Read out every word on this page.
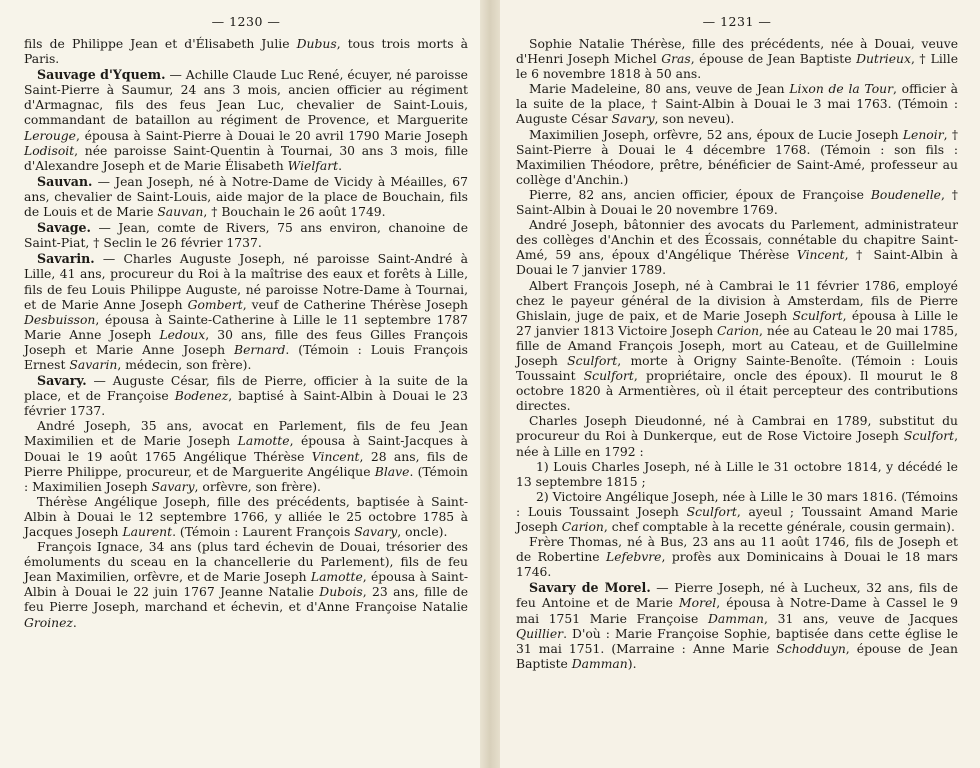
— 1230 —

fils de Philippe Jean et d'Élisabeth Julie Dubus, tous trois morts à Paris.

Sauvage d'Yquem. — Achille Claude Luc René, écuyer, né paroisse Saint-Pierre à Saumur, 24 ans 3 mois, ancien officier au régiment d'Armagnac, fils des feus Jean Luc, chevalier de Saint-Louis, commandant de bataillon au régiment de Provence, et Marguerite Lerouge, épousa à Saint-Pierre à Douai le 20 avril 1790 Marie Joseph Lodisoit, née paroisse Saint-Quentin à Tournai, 30 ans 3 mois, fille d'Alexandre Joseph et de Marie Élisabeth Wielfart.

Sauvan. — Jean Joseph, né à Notre-Dame de Vicidy à Méailles, 67 ans, chevalier de Saint-Louis, aide major de la place de Bouchain, fils de Louis et de Marie Sauvan, † Bouchain le 26 août 1749.

Savage. — Jean, comte de Rivers, 75 ans environ, chanoine de Saint-Piat, † Seclin le 26 février 1737.

Savarin. — Charles Auguste Joseph, né paroisse Saint-André à Lille, 41 ans, procureur du Roi à la maîtrise des eaux et forêts à Lille, fils de feu Louis Philippe Auguste, né paroisse Notre-Dame à Tournai, et de Marie Anne Joseph Gombert, veuf de Catherine Thérèse Joseph Desbuisson, épousa à Sainte-Catherine à Lille le 11 septembre 1787 Marie Anne Joseph Ledoux, 30 ans, fille des feus Gilles François Joseph et Marie Anne Joseph Bernard. (Témoin : Louis François Ernest Savarin, médecin, son frère).

Savary. — Auguste César, fils de Pierre, officier à la suite de la place, et de Françoise Bodenez, baptisé à Saint-Albin à Douai le 23 février 1737.

André Joseph, 35 ans, avocat en Parlement, fils de feu Jean Maximilien et de Marie Joseph Lamotte, épousa à Saint-Jacques à Douai le 19 août 1765 Angélique Thérèse Vincent, 28 ans, fils de Pierre Philippe, procureur, et de Marguerite Angélique Blave. (Témoin : Maximilien Joseph Savary, orfèvre, son frère).

Thérèse Angélique Joseph, fille des précédents, baptisée à Saint-Albin à Douai le 12 septembre 1766, y alliée le 25 octobre 1785 à Jacques Joseph Laurent. (Témoin : Laurent François Savary, oncle).

François Ignace, 34 ans (plus tard échevin de Douai, trésorier des émoluments du sceau en la chancellerie du Parlement), fils de feu Jean Maximilien, orfèvre, et de Marie Joseph Lamotte, épousa à Saint-Albin à Douai le 22 juin 1767 Jeanne Natalie Dubois, 23 ans, fille de feu Pierre Joseph, marchand et échevin, et d'Anne Françoise Natalie Groinez.

— 1231 —

Sophie Natalie Thérèse, fille des précédents, née à Douai, veuve d'Henri Joseph Michel Gras, épouse de Jean Baptiste Dutrieux, † Lille le 6 novembre 1818 à 50 ans.

Marie Madeleine, 80 ans, veuve de Jean Lixon de la Tour, officier à la suite de la place, † Saint-Albin à Douai le 3 mai 1763. (Témoin : Auguste César Savary, son neveu).

Maximilien Joseph, orfèvre, 52 ans, époux de Lucie Joseph Lenoir, † Saint-Pierre à Douai le 4 décembre 1768. (Témoin : son fils : Maximilien Théodore, prêtre, bénéficier de Saint-Amé, professeur au collège d'Anchin.)

Pierre, 82 ans, ancien officier, époux de Françoise Boudenelle, † Saint-Albin à Douai le 20 novembre 1769.

André Joseph, bâtonnier des avocats du Parlement, administrateur des collèges d'Anchin et des Écossais, connétable du chapitre Saint-Amé, 59 ans, époux d'Angélique Thérèse Vincent, † Saint-Albin à Douai le 7 janvier 1789.

Albert François Joseph, né à Cambrai le 11 février 1786, employé chez le payeur général de la division à Amsterdam, fils de Pierre Ghislain, juge de paix, et de Marie Joseph Sculfort, épousa à Lille le 27 janvier 1813 Victoire Joseph Carion, née au Cateau le 20 mai 1785, fille de Amand François Joseph, mort au Cateau, et de Guillelmine Joseph Sculfort, morte à Origny Sainte-Benoîte. (Témoin : Louis Toussaint Sculfort, propriétaire, oncle des époux). Il mourut le 8 octobre 1820 à Armentières, où il était percepteur des contributions directes.

Charles Joseph Dieudonné, né à Cambrai en 1789, substitut du procureur du Roi à Dunkerque, eut de Rose Victoire Joseph Sculfort, née à Lille en 1792 :

1) Louis Charles Joseph, né à Lille le 31 octobre 1814, y décédé le 13 septembre 1815 ;

2) Victoire Angélique Joseph, née à Lille le 30 mars 1816. (Témoins : Louis Toussaint Joseph Sculfort, ayeul ; Toussaint Amand Marie Joseph Carion, chef comptable à la recette générale, cousin germain).

Frère Thomas, né à Bus, 23 ans au 11 août 1746, fils de Joseph et de Robertine Lefebvre, profès aux Dominicains à Douai le 18 mars 1746.

Savary de Morel. — Pierre Joseph, né à Lucheux, 32 ans, fils de feu Antoine et de Marie Morel, épousa à Notre-Dame à Cassel le 9 mai 1751 Marie Françoise Damman, 31 ans, veuve de Jacques Quillier. D'où : Marie Françoise Sophie, baptisée dans cette église le 31 mai 1751. (Marraine : Anne Marie Schodduyn, épouse de Jean Baptiste Damman).
